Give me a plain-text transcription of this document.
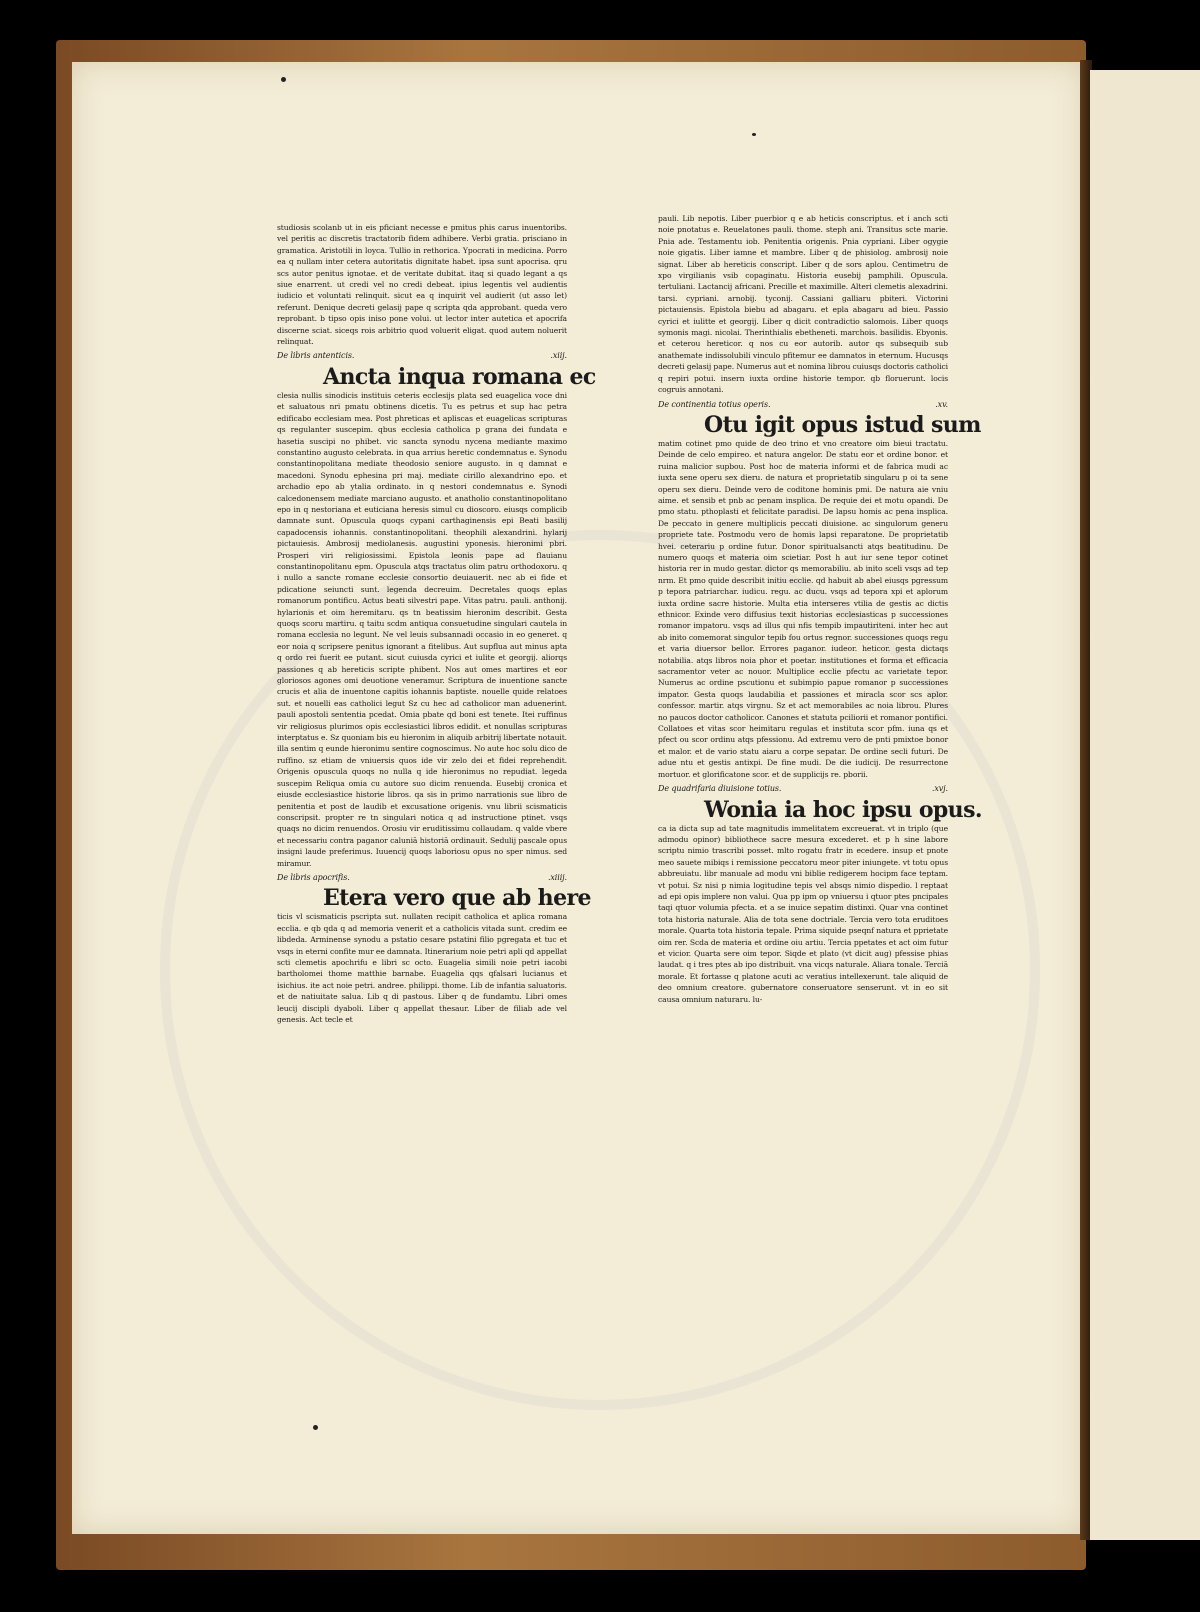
studiosis scolanb ut in eis pficiant necesse e pmitus phis carus inuentoribs. vel peritis ac discretis tractatorib fidem adhibere. Verbi gratia. prisciano in gramatica. Aristotili in loyca. Tullio in rethorica. Ypocrati in medicina. Porro ea q nullam inter cetera autoritatis dignitate habet. ipsa sunt apocrisa. qru scs autor penitus ignotae. et de veritate dubitat. itaq si quado legant a qs siue enarrent. ut credi vel no credi debeat. ipius legentis vel audientis iudicio et voluntati relinquit. sicut ea q inquirit vel audierit (ut asso let) referunt. Denique decreti gelasij pape q scripta qda approbant. queda vero reprobant. b tipso opis iniso pone volui. ut lector inter autetica et apocrifa discerne sciat. siceqs rois arbitrio quod voluerit eligat. quod autem noluerit relinquat.

De libris antenticis.	.xiij.
Ancta inqua romana ec

clesia nullis sinodicis instituis ceteris ecclesijs plata sed euagelica voce dni et saluatous nri pmatu obtinens dicetis. Tu es petrus et sup hac petra edificabo ecclesiam mea. Post phreticas et apliscas et euagelicas scripturas qs regulanter suscepim. qbus ecclesia catholica p grana dei fundata e hasetia suscipi no phibet. vic sancta synodu nycena mediante maximo constantino augusto celebrata. in qua arrius heretic condemnatus e. Synodu constantinopolitana mediate theodosio seniore augusto. in q damnat e macedoni. Synodu ephesina pri maj. mediate cirillo alexandrino epo. et archadio epo ab ytalia ordinato. in q nestori condemnatus e. Synodi calcedonensem mediate marciano augusto. et anatholio constantinopolitano epo in q nestoriana et euticiana heresis simul cu dioscoro. eiusqs complicib damnate sunt. Opuscula quoqs cypani carthaginensis epi Beati basilij capadocensis iohannis. constantinopolitani. theophili alexandrini. hylarij pictauiesis. Ambrosij mediolanesis. augustini yponesis. hieronimi pbri. Prosperi viri religiosissimi. Epistola leonis pape ad flauianu constantinopolitanu epm. Opuscula atqs tractatus olim patru orthodoxoru. q i nullo a sancte romane ecclesie consortio deuiauerit. nec ab ei fide et pdicatione seiuncti sunt. legenda decreuim. Decretales quoqs eplas romanorum pontificu. Actus beati silvestri pape. Vitas patru. pauli. anthonij. hylarionis et oim heremitaru. qs tn beatissim hieronim describit. Gesta quoqs scoru martiru. q taitu scdm antiqua consuetudine singulari cautela in romana ecclesia no legunt. Ne vel leuis subsannadi occasio in eo generet. q eor noia q scripsere penitus ignorant a fitelibus. Aut supflua aut minus apta q ordo rei fuerit ee putant. sicut cuiusda cyrici et iulite et georgij. aliorqs passiones q ab hereticis scripte phibent. Nos aut omes martires et eor gloriosos agones omi deuotione veneramur. Scriptura de inuentione sancte crucis et alia de inuentone capitis iohannis baptiste. nouelle quide relatoes sut. et nouelli eas catholici legut Sz cu hec ad catholicor man aduenerint. pauli apostoli sententia pcedat. Omia pbate qd boni est tenete. Itei ruffinus vir religiosus plurimos opis ecclesiastici libros edidit. et nonullas scripturas interptatus e. Sz quoniam bis eu hieronim in aliquib arbitrij libertate notauit. illa sentim q eunde hieronimu sentire cognoscimus. No aute hoc solu dico de ruffino. sz etiam de vniuersis quos ide vir zelo dei et fidei reprehendit. Origenis opuscula quoqs no nulla q ide hieronimus no repudiat. legeda suscepim Reliqua omia cu autore suo dicim renuenda. Eusebij cronica et eiusde ecclesiastice historie libros. qa sis in primo narrationis sue libro de penitentia et post de laudib et excusatione origenis. vnu librii scismaticis conscripsit. propter re tn singulari notica q ad instructione ptinet. vsqs quaqs no dicim renuendos. Orosiu vir eruditissimu collaudam. q valde vbere et necessariu contra paganor caluniā historiā ordinauit. Sedulij pascale opus insigni laude preferimus. Iuuencij quoqs laboriosu opus no sper nimus. sed miramur.

De libris apocrifis.	.xiiij.
Etera vero que ab here

ticis vl scismaticis pscripta sut. nullaten recipit catholica et aplica romana ecclia. e qb qda q ad memoria venerit et a catholicis vitada sunt. credim ee libdeda. Arminense synodu a pstatio cesare pstatini filio pgregata et tuc et vsqs in eterni confite mur ee damnata. Itinerarium noie petri apli qd appellat scti clemetis apochrifu e libri sc octo. Euagelia simili noie petri iacobi bartholomei thome matthie barnabe. Euagelia qqs qfalsari lucianus et isichius. ite act noie petri. andree. philippi. thome. Lib de infantia saluatoris. et de natiuitate salua. Lib q di pastous. Liber q de fundamtu. Libri omes leucij discipli dyaboli. Liber q appellat thesaur. Liber de filiab ade vel genesis. Act tecle et

pauli. Lib nepotis. Liber puerbior q e ab heticis conscriptus. et i anch scti noie pnotatus e. Reuelatones pauli. thome. steph ani. Transitus scte marie. Pnia ade. Testamentu iob. Penitentia origenis. Pnia cypriani. Liber ogygie noie gigatis. Liber iamne et mambre. Liber q de phisiolog. ambrosij noie signat. Liber ab hereticis conscript. Liber q de sors aplou. Centimetru de xpo virgilianis vsib copaginatu. Historia eusebij pamphili. Opuscula. tertuliani. Lactancij africani. Precille et maximille. Alteri clemetis alexadrini. tarsi. cypriani. arnobij. tyconij. Cassiani galliaru pbiteri. Victorini pictauiensis. Epistola biebu ad abagaru. et epla abagaru ad bieu. Passio cyrici et iulitte et georgij. Liber q dicit contradictio salomois. Liber quoqs symonis magi. nicolai. Therinthialis ebetheneti. marchois. basilidis. Ebyonis. et ceterou hereticor. q nos cu eor autorib. autor qs subsequib sub anathemate indissolubili vinculo pfitemur ee damnatos in eternum. Hucusqs decreti gelasij pape. Numerus aut et nomina librou cuiusqs doctoris catholici q repiri potui. insern iuxta ordine historie tempor. qb floruerunt. locis cogruis annotani.

De continentia totius operis.	.xv.
Otu igit opus istud sum

matim cotinet pmo quide de deo trino et vno creatore oim bieui tractatu. Deinde de celo empireo. et natura angelor. De statu eor et ordine bonor. et ruina malicior supbou. Post hoc de materia informi et de fabrica mudi ac iuxta sene operu sex dieru. de natura et proprietatib singularu p oi ta sene operu sex dieru. Deinde vero de coditone hominis pmi. De natura aie vniu aime. et sensib et pnb ac penam insplica. De requie dei et motu opandi. De pmo statu. pthoplasti et felicitate paradisi. De lapsu homis ac pena insplica. De peccato in genere multiplicis peccati diuisione. ac singulorum generu propriete tate. Postmodu vero de homis lapsi reparatone. De proprietatib hvei. ceterariu p ordine futur. Donor spiritualsancti atqs beatitudinu. De numero quoqs et materia oim scietiar. Post h aut iur sene tepor cotinet historia rer in mudo gestar. dictor qs memorabiliu. ab inito sceli vsqs ad tep nrm. Et pmo quide describit initiu ecclie. qd habuit ab abel eiusqs pgressum p tepora patriarchar. iudicu. regu. ac ducu. vsqs ad tepora xpi et aplorum iuxta ordine sacre historie. Multa etia interseres vtilia de gestis ac dictis ethnicor. Exinde vero diffusius texit historias ecclesiasticas p successiones romanor impatoru. vsqs ad illus qui nfis tempib impautiriteni. inter hec aut ab inito comemorat singulor tepib fou ortus regnor. successiones quoqs regu et varia diuersor bellor. Errores paganor. iudeor. heticor. gesta dictaqs notabilia. atqs libros noia phor et poetar. institutiones et forma et efficacia sacramentor veter ac nouor. Multiplice ecclie pfectu ac varietate tepor. Numerus ac ordine pscutionu et subimpio papue romanor p successiones impator. Gesta quoqs laudabilia et passiones et miracla scor scs aplor. confessor. martir. atqs virgnu. Sz et act memorabiles ac noia librou. Plures no paucos doctor catholicor. Canones et statuta pciliorii et romanor pontifici. Collatoes et vitas scor heimitaru regulas et instituta scor pfm. iuna qs et pfect ou scor ordinu atqs pfessionu. Ad extremu vero de pnti pmixtoe bonor et malor. et de vario statu aiaru a corpe sepatar. De ordine secli futuri. De adue ntu et gestis antixpi. De fine mudi. De die iudicij. De resurrectone mortuor. et glorificatone scor. et de supplicijs re. pborii.

De quadrifaria diuisione totius.	.xvj.
Wonia ia hoc ipsu opus.

ca ia dicta sup ad tate magnitudis immelitatem excreuerat. vt in triplo (que admodu opinor) bibliothece sacre mesura excederet. et p h sine labore scriptu nimio trascribi posset. mlto rogatu fratr in ecedere. insup et pnote meo sauete mibiqs i remissione peccatoru meor piter iniungete. vt totu opus abbreuiatu. libr manuale ad modu vni biblie redigerem hocipm face teptam. vt potui. Sz nisi p nimia logitudine tepis vel absqs nimio dispedio. l reptaat ad epi opis implere non valui. Qua pp ipm op vniuersu i qtuor ptes pncipales taqi qtuor volumia pfecta. et a se inuice sepatim distinxi. Quar vna continet tota historia naturale. Alia de tota sene doctriale. Tercia vero tota eruditoes morale. Quarta tota historia tepale. Prima siquide pseqnf natura et pprietate oim rer. Scda de materia et ordine oiu artiu. Tercia ppetates et act oim futur et vicior. Quarta sere oim tepor. Siqde et plato (vt dicit aug) pfessise phias laudat. q i tres ptes ab ipo distribuit. vna vicqs naturale. Aliara tonale. Terciā morale. Et fortasse q platone acuti ac veratius intellexerunt. tale aliquid de deo omnium creatore. gubernatore conseruatore senserunt. vt in eo sit causa omnium naturaru. lu-
